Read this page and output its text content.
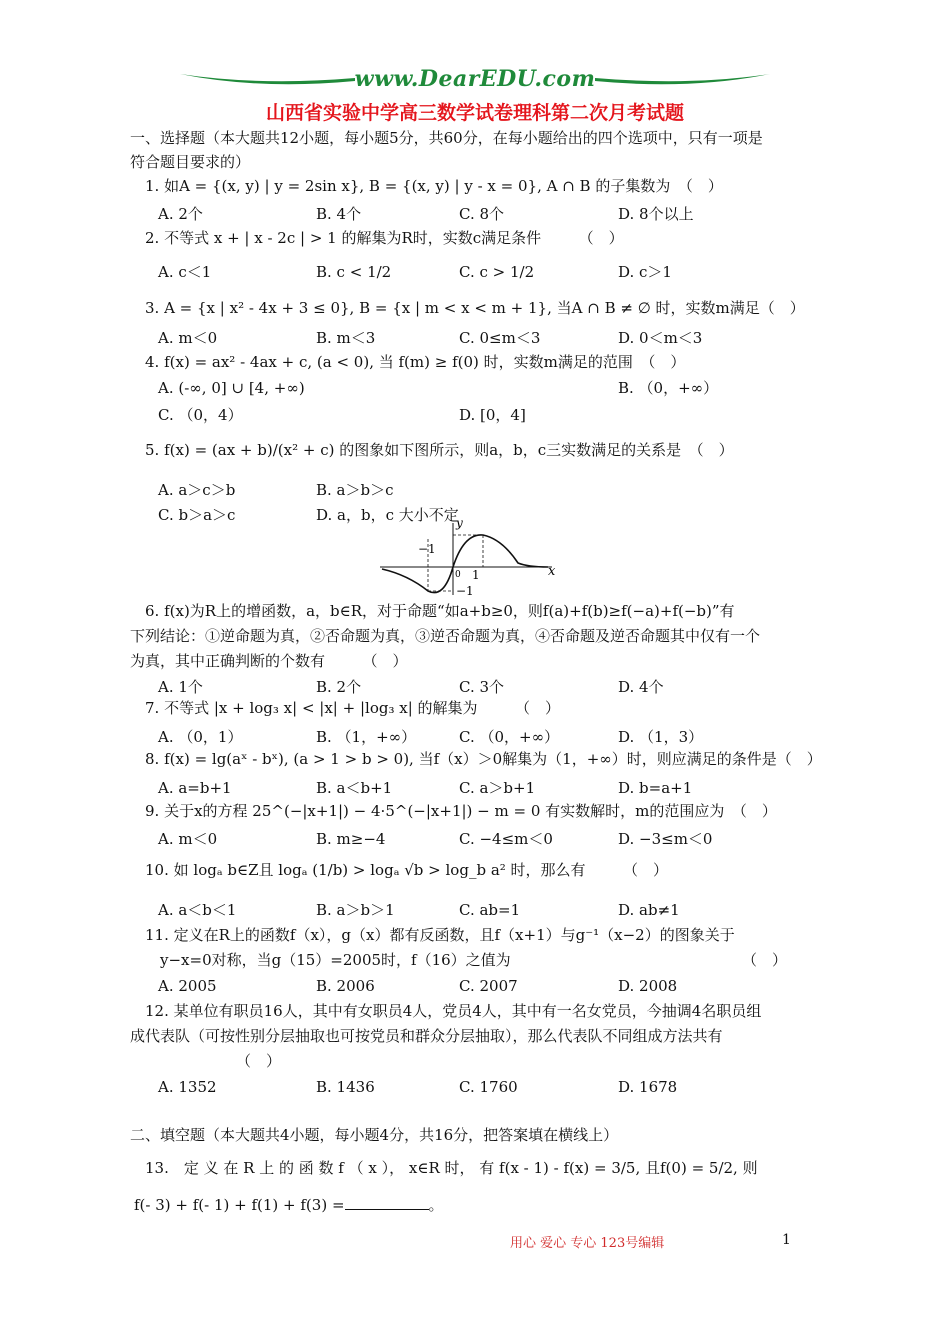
www.DearEDU.com
山西省实验中学高三数学试卷理科第二次月考试题
一、选择题（本大题共12小题，每小题5分，共60分，在每小题给出的四个选项中，只有一项是
符合题目要求的）
1. 如A = {(x, y) | y = 2sin x}, B = {(x, y) | y - x = 0}, A ∩ B 的子集数为　（　）
A. 2个	B. 4个	C. 8个	D. 8个以上
2. 不等式 x + | x - 2c | > 1 的解集为R时，实数c满足条件　　　（　）
A. c＜1	B. c < 1/2	C. c > 1/2	D. c＞1
3. A = {x | x² - 4x + 3 ≤ 0}, B = {x | m < x < m + 1}, 当A ∩ B ≠ ∅ 时，实数m满足（　）
A. m＜0	B. m＜3	C. 0≤m＜3	D. 0＜m＜3
4. f(x) = ax² - 4ax + c, (a < 0), 当 f(m) ≥ f(0) 时，实数m满足的范围　（　）
A. (-∞, 0] ∪ [4, +∞)	B. （0，+∞）
C. （0，4）	D. [0，4]
5. f(x) = (ax + b)/(x² + c) 的图象如下图所示，则a，b，c三实数满足的关系是　（　）
A. a＞c＞b	B. a＞b＞c
C. b＞a＞c	D. a，b，c 大小不定
y
x
−1
1
−1
0
6. f(x)为R上的增函数，a，b∈R，对于命题“如a+b≥0，则f(a)+f(b)≥f(−a)+f(−b)”有
下列结论：①逆命题为真，②否命题为真，③逆否命题为真，④否命题及逆否命题其中仅有一个
为真，其中正确判断的个数有　　　（　）
A. 1个	B. 2个	C. 3个	D. 4个
7. 不等式 |x + log₃ x| < |x| + |log₃ x| 的解集为　　　（　）
A. （0，1）	B. （1，+∞）	C. （0，+∞）	D. （1，3）
8. f(x) = lg(aˣ - bˣ), (a > 1 > b > 0), 当f（x）＞0解集为（1，+∞）时，则应满足的条件是（　）
A. a=b+1	B. a＜b+1	C. a＞b+1	D. b=a+1
9. 关于x的方程 25^(−|x+1|) − 4·5^(−|x+1|) − m = 0 有实数解时，m的范围应为　（　）
A. m＜0	B. m≥−4	C. −4≤m＜0	D. −3≤m＜0
10. 如 logₐ b∈Z且 logₐ (1/b) > logₐ √b > log_b a² 时，那么有　　　（　）
A. a＜b＜1	B. a＞b＞1	C. ab=1	D. ab≠1
11. 定义在R上的函数f（x），g（x）都有反函数，且f（x+1）与g⁻¹（x−2）的图象关于
y−x=0对称，当g（15）=2005时，f（16）之值为	（　）
A. 2005	B. 2006	C. 2007	D. 2008
12. 某单位有职员16人，其中有女职员4人，党员4人，其中有一名女党员，今抽调4名职员组
成代表队（可按性别分层抽取也可按党员和群众分层抽取），那么代表队不同组成方法共有
（　）
A. 1352	B. 1436	C. 1760	D. 1678
二、填空题（本大题共4小题，每小题4分，共16分，把答案填在横线上）
13.　定 义 在 R 上 的 函 数 f （ x ）， x∈R 时， 有 f(x - 1) - f(x) = 3/5, 且f(0) = 5/2, 则
f(- 3) + f(- 1) + f(1) + f(3) =	。
用心 爱心 专心 123号编辑	1
